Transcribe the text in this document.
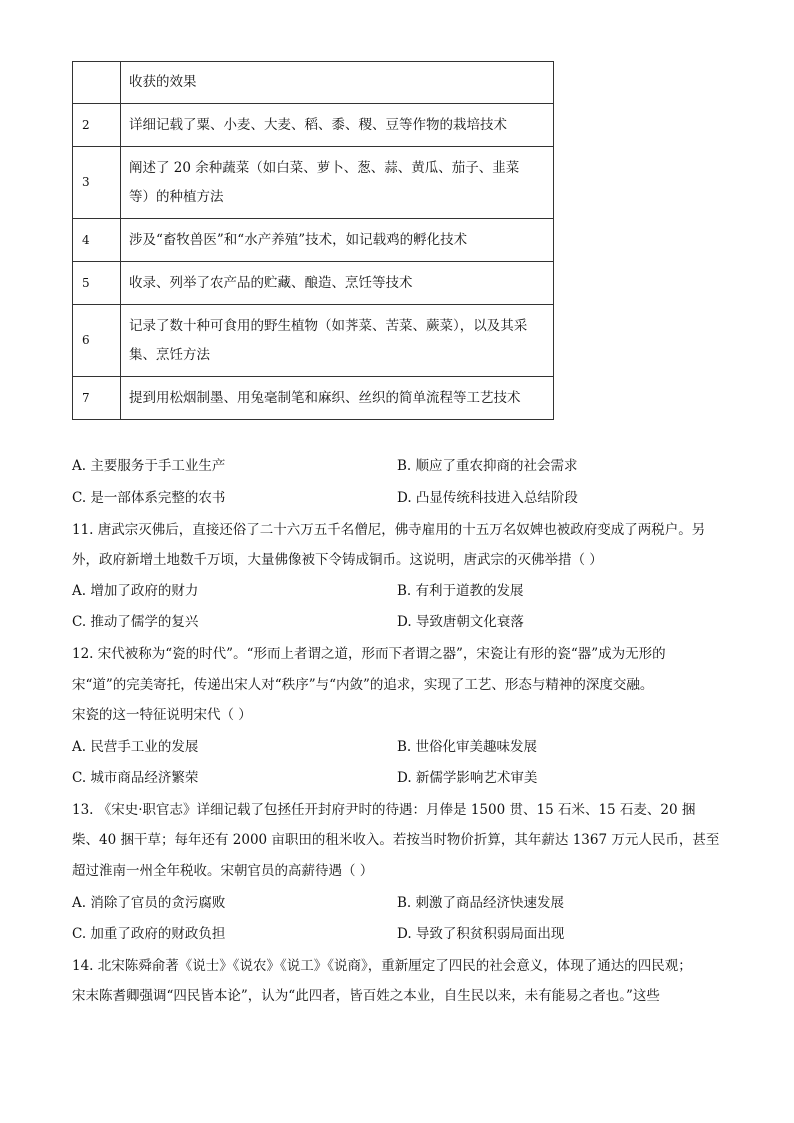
	收获的效果
2	详细记载了粟、小麦、大麦、稻、黍、稷、豆等作物的栽培技术
3	阐述了 20 余种蔬菜（如白菜、萝卜、葱、蒜、黄瓜、茄子、韭菜
等）的种植方法

4	涉及“畜牧兽医”和“水产养殖”技术，如记载鸡的孵化技术
5	收录、列举了农产品的贮藏、酿造、烹饪等技术
6	记录了数十种可食用的野生植物（如荠菜、苦菜、蕨菜），以及其采
集、烹饪方法

7	提到用松烟制墨、用兔毫制笔和麻织、丝织的简单流程等工艺技术
A. 主要服务于手工业生产	B. 顺应了重农抑商的社会需求
C. 是一部体系完整的农书	D. 凸显传统科技进入总结阶段
11. 唐武宗灭佛后，直接还俗了二十六万五千名僧尼，佛寺雇用的十五万名奴婢也被政府变成了两税户。另
外，政府新增土地数千万顷，大量佛像被下令铸成铜币。这说明，唐武宗的灭佛举措（ ）
A. 增加了政府的财力	B. 有利于道教的发展
C. 推动了儒学的复兴	D. 导致唐朝文化衰落
12. 宋代被称为“瓷的时代”。“形而上者谓之道，形而下者谓之器”，宋瓷让有形的瓷“器”成为无形的
宋“道”的完美寄托，传递出宋人对“秩序”与“内敛”的追求，实现了工艺、形态与精神的深度交融。
宋瓷的这一特征说明宋代（ ）
A. 民营手工业的发展	B. 世俗化审美趣味发展
C. 城市商品经济繁荣	D. 新儒学影响艺术审美
13. 《宋史·职官志》详细记载了包拯任开封府尹时的待遇：月俸是 1500 贯、15 石米、15 石麦、20 捆
柴、40 捆干草；每年还有 2000 亩职田的租米收入。若按当时物价折算，其年薪达 1367 万元人民币，甚至
超过淮南一州全年税收。宋朝官员的高薪待遇（ ）
A. 消除了官员的贪污腐败	B. 刺激了商品经济快速发展
C. 加重了政府的财政负担	D. 导致了积贫积弱局面出现
14. 北宋陈舜俞著《说士》《说农》《说工》《说商》，重新厘定了四民的社会意义，体现了通达的四民观；
宋末陈耆卿强调“四民皆本论”，认为“此四者，皆百姓之本业，自生民以来，未有能易之者也。”这些
